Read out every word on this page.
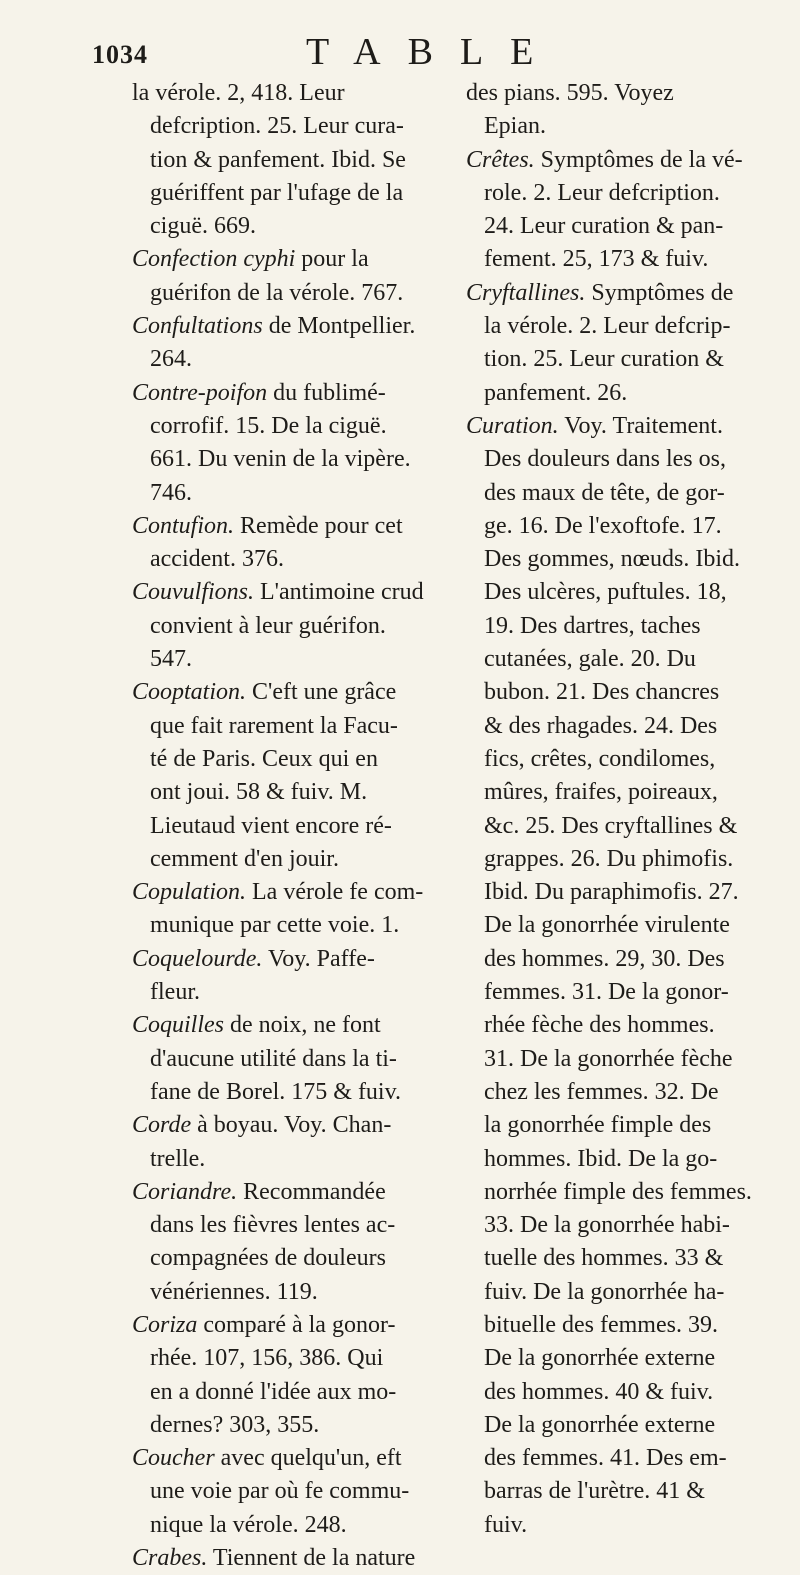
1034	TABLE
la vérole. 2, 418. Leur
defcription. 25. Leur cura-
tion & panfement. Ibid. Se
guériffent par l'ufage de la
ciguë. 669.
Confection cyphi pour la
guérifon de la vérole. 767.
Confultations de Montpellier.
264.
Contre-poifon du fublimé-
corrofif. 15. De la ciguë.
661. Du venin de la vipère.
746.
Contufion. Remède pour cet
accident. 376.
Couvulfions. L'antimoine crud
convient à leur guérifon.
547.
Cooptation. C'eft une grâce
que fait rarement la Facu-
té de Paris. Ceux qui en
ont joui. 58 & fuiv. M.
Lieutaud vient encore ré-
cemment d'en jouir.
Copulation. La vérole fe com-
munique par cette voie. 1.
Coquelourde. Voy. Paffe-
fleur.
Coquilles de noix, ne font
d'aucune utilité dans la ti-
fane de Borel. 175 & fuiv.
Corde à boyau. Voy. Chan-
trelle.
Coriandre. Recommandée
dans les fièvres lentes ac-
compagnées de douleurs
vénériennes. 119.
Coriza comparé à la gonor-
rhée. 107, 156, 386. Qui
en a donné l'idée aux mo-
dernes? 303, 355.
Coucher avec quelqu'un, eft
une voie par où fe commu-
nique la vérole. 248.
Crabes. Tiennent de la nature
des pians. 595. Voyez
Epian.
Crêtes. Symptômes de la vé-
role. 2. Leur defcription.
24. Leur curation & pan-
fement. 25, 173 & fuiv.
Cryftallines. Symptômes de
la vérole. 2. Leur defcrip-
tion. 25. Leur curation &
panfement. 26.
Curation. Voy. Traitement.
Des douleurs dans les os,
des maux de tête, de gor-
ge. 16. De l'exoftofe. 17.
Des gommes, nœuds. Ibid.
Des ulcères, puftules. 18,
19. Des dartres, taches
cutanées, gale. 20. Du
bubon. 21. Des chancres
& des rhagades. 24. Des
fics, crêtes, condilomes,
mûres, fraifes, poireaux,
&c. 25. Des cryftallines &
grappes. 26. Du phimofis.
Ibid. Du paraphimofis. 27.
De la gonorrhée virulente
des hommes. 29, 30. Des
femmes. 31. De la gonor-
rhée fèche des hommes.
31. De la gonorrhée fèche
chez les femmes. 32. De
la gonorrhée fimple des
hommes. Ibid. De la go-
norrhée fimple des femmes.
33. De la gonorrhée habi-
tuelle des hommes. 33 &
fuiv. De la gonorrhée ha-
bituelle des femmes. 39.
De la gonorrhée externe
des hommes. 40 & fuiv.
De la gonorrhée externe
des femmes. 41. Des em-
barras de l'urètre. 41 &
fuiv.
